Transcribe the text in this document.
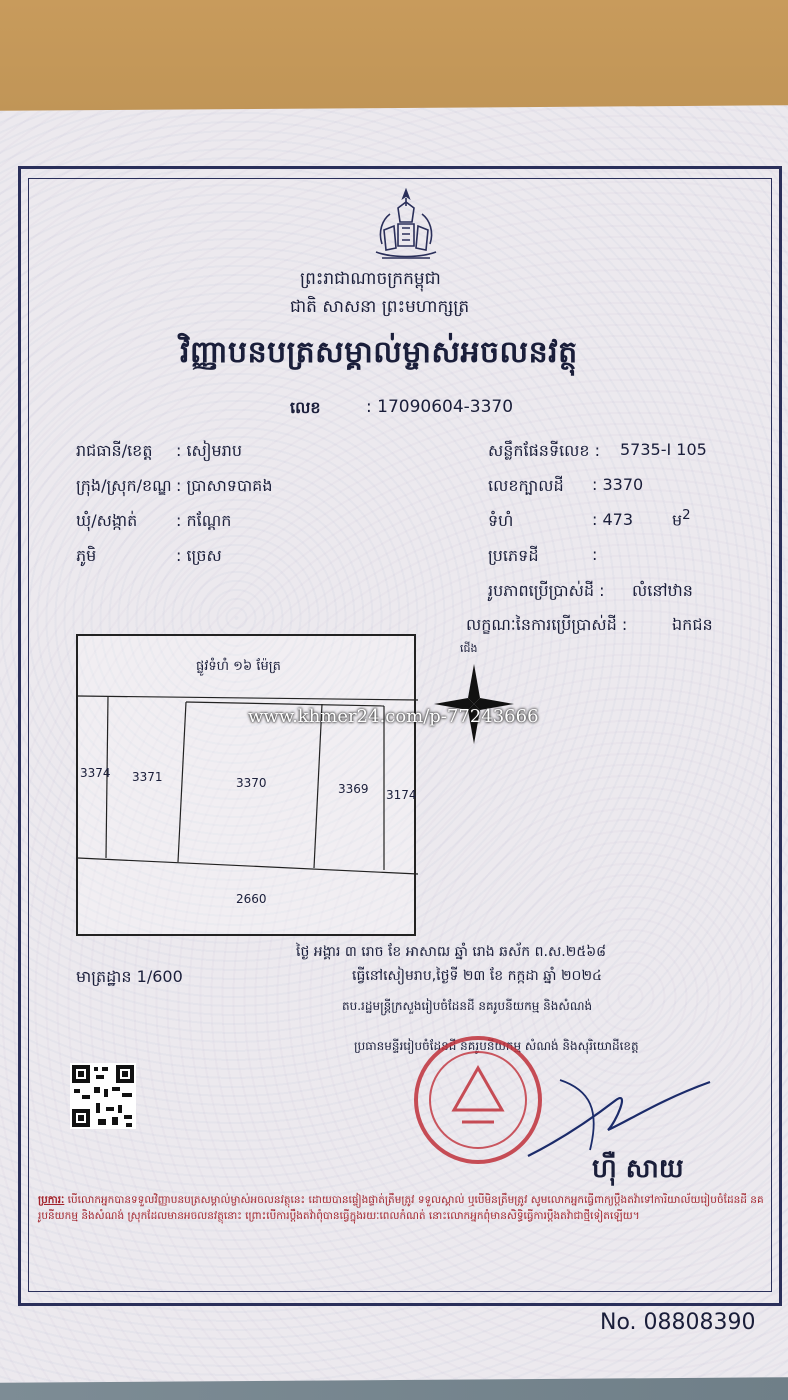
ព្រះរាជាណាចក្រកម្ពុជា
ជាតិ សាសនា ព្រះមហាក្សត្រ
វិញ្ញាបនបត្រសម្គាល់ម្ចាស់អចលនវត្ថុ
លេខ	: 17090604-3370
រាជធានី/ខេត្ត : សៀមរាប
ក្រុង/ស្រុក/ខណ្ឌ : ប្រាសាទបាគង
ឃុំ/សង្កាត់ : កណ្ដែក
ភូមិ	: ច្រេស
សន្លឹកផែនទីលេខ : 5735-I 105
លេខក្បាលដី : 3370
ទំហំ	: 473 ម$^2$
ប្រភេទដី	:
រូបភាពប្រើប្រាស់ដី : លំនៅឋាន
លក្ខណៈនៃការប្រើប្រាស់ដី :	ឯកជន
ផ្លូវទំហំ ១៦ ម៉ែត្រ
3374 3371	3370	3369 3174
2660
ជើង
www.khmer24.com/p-77243666
មាត្រដ្ឋាន 1/600
ថ្ងៃ អង្គារ ៣ រោច ខែ អាសាឍ ឆ្នាំ រោង ឆស័ក ព.ស.២៥៦៨
ធ្វើនៅសៀមរាប,ថ្ងៃទី ២៣ ខែ កក្កដា ឆ្នាំ ២០២៤
តប.រដ្ឋមន្ត្រីក្រសួងរៀបចំដែនដី នគរូបនីយកម្ម និងសំណង់
ប្រធានមន្ទីររៀបចំដែនដី នគរូបនីយកម្ម សំណង់ និងសុរិយោដីខេត្ត
ហ៊ឺ សាយ
ប្រការៈ បើលោកអ្នកបានទទួលវិញ្ញាបនបត្រសម្គាល់ម្ចាស់អចលនវត្ថុនេះ ដោយបានផ្ទៀងផ្ទាត់ត្រឹមត្រូវ ទទួលស្គាល់ ឬបើមិនត្រឹមត្រូវ សូមលោកអ្នកធ្វើពាក្យប្ដឹងតវ៉ាទៅការិយាល័យរៀបចំដែនដី នគរូបនីយកម្ម និងសំណង់ ស្រុកដែលមានអចលនវត្ថុនោះ ព្រោះបើការប្ដឹងតវ៉ាពុំបានធ្វើក្នុងរយៈពេលកំណត់ នោះលោកអ្នកពុំមានសិទ្ធិធ្វើការប្ដឹងតវ៉ាជាថ្មីទៀតឡើយ។
No. 08808390
